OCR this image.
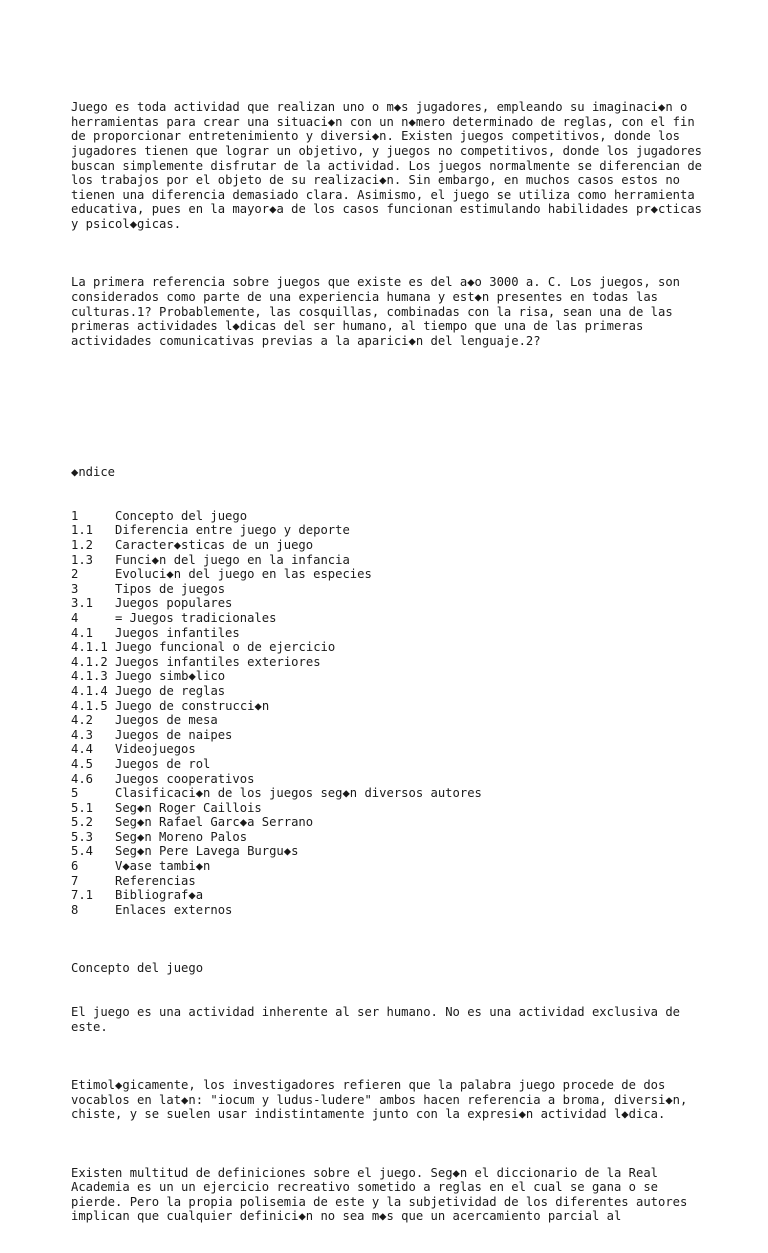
Juego es toda actividad que realizan uno o m◆s jugadores, empleando su imaginaci◆n o herramientas para crear una situaci◆n con un n◆mero determinado de reglas, con el fin de proporcionar entretenimiento y diversi◆n. Existen juegos competitivos, donde los jugadores tienen que lograr un objetivo, y juegos no competitivos, donde los jugadores buscan simplemente disfrutar de la actividad. Los juegos normalmente se diferencian de los trabajos por el objeto de su realizaci◆n. Sin embargo, en muchos casos estos no tienen una diferencia demasiado clara. Asimismo, el juego se utiliza como herramienta educativa, pues en la mayor◆a de los casos funcionan estimulando habilidades pr◆cticas y psicol◆gicas.

La primera referencia sobre juegos que existe es del a◆o 3000 a. C. Los juegos, son considerados como parte de una experiencia humana y est◆n presentes en todas las culturas.1? Probablemente, las cosquillas, combinadas con la risa, sean una de las primeras actividades l◆dicas del ser humano, al tiempo que una de las primeras actividades comunicativas previas a la aparici◆n del lenguaje.2?

◆ndice

1	Concepto del juego
1.1	Diferencia entre juego y deporte
1.2	Caracter◆sticas de un juego
1.3	Funci◆n del juego en la infancia
2	Evoluci◆n del juego en las especies
3	Tipos de juegos
3.1	Juegos populares
4	= Juegos tradicionales
4.1	Juegos infantiles
4.1.1 Juego funcional o de ejercicio
4.1.2 Juegos infantiles exteriores
4.1.3 Juego simb◆lico
4.1.4 Juego de reglas
4.1.5 Juego de construcci◆n
4.2	Juegos de mesa
4.3	Juegos de naipes
4.4	Videojuegos
4.5	Juegos de rol
4.6	Juegos cooperativos
5	Clasificaci◆n de los juegos seg◆n diversos autores
5.1	Seg◆n Roger Caillois
5.2	Seg◆n Rafael Garc◆a Serrano
5.3	Seg◆n Moreno Palos
5.4	Seg◆n Pere Lavega Burgu◆s
6	V◆ase tambi◆n
7	Referencias
7.1	Bibliograf◆a
8	Enlaces externos

Concepto del juego

El juego es una actividad inherente al ser humano. No es una actividad exclusiva de este.

Etimol◆gicamente, los investigadores refieren que la palabra juego procede de dos vocablos en lat◆n: "iocum y ludus-ludere" ambos hacen referencia a broma, diversi◆n, chiste, y se suelen usar indistintamente junto con la expresi◆n actividad l◆dica.

Existen multitud de definiciones sobre el juego. Seg◆n el diccionario de la Real Academia es un un ejercicio recreativo sometido a reglas en el cual se gana o se pierde. Pero la propia polisemia de este y la subjetividad de los diferentes autores implican que cualquier definici◆n no sea m◆s que un acercamiento parcial al
